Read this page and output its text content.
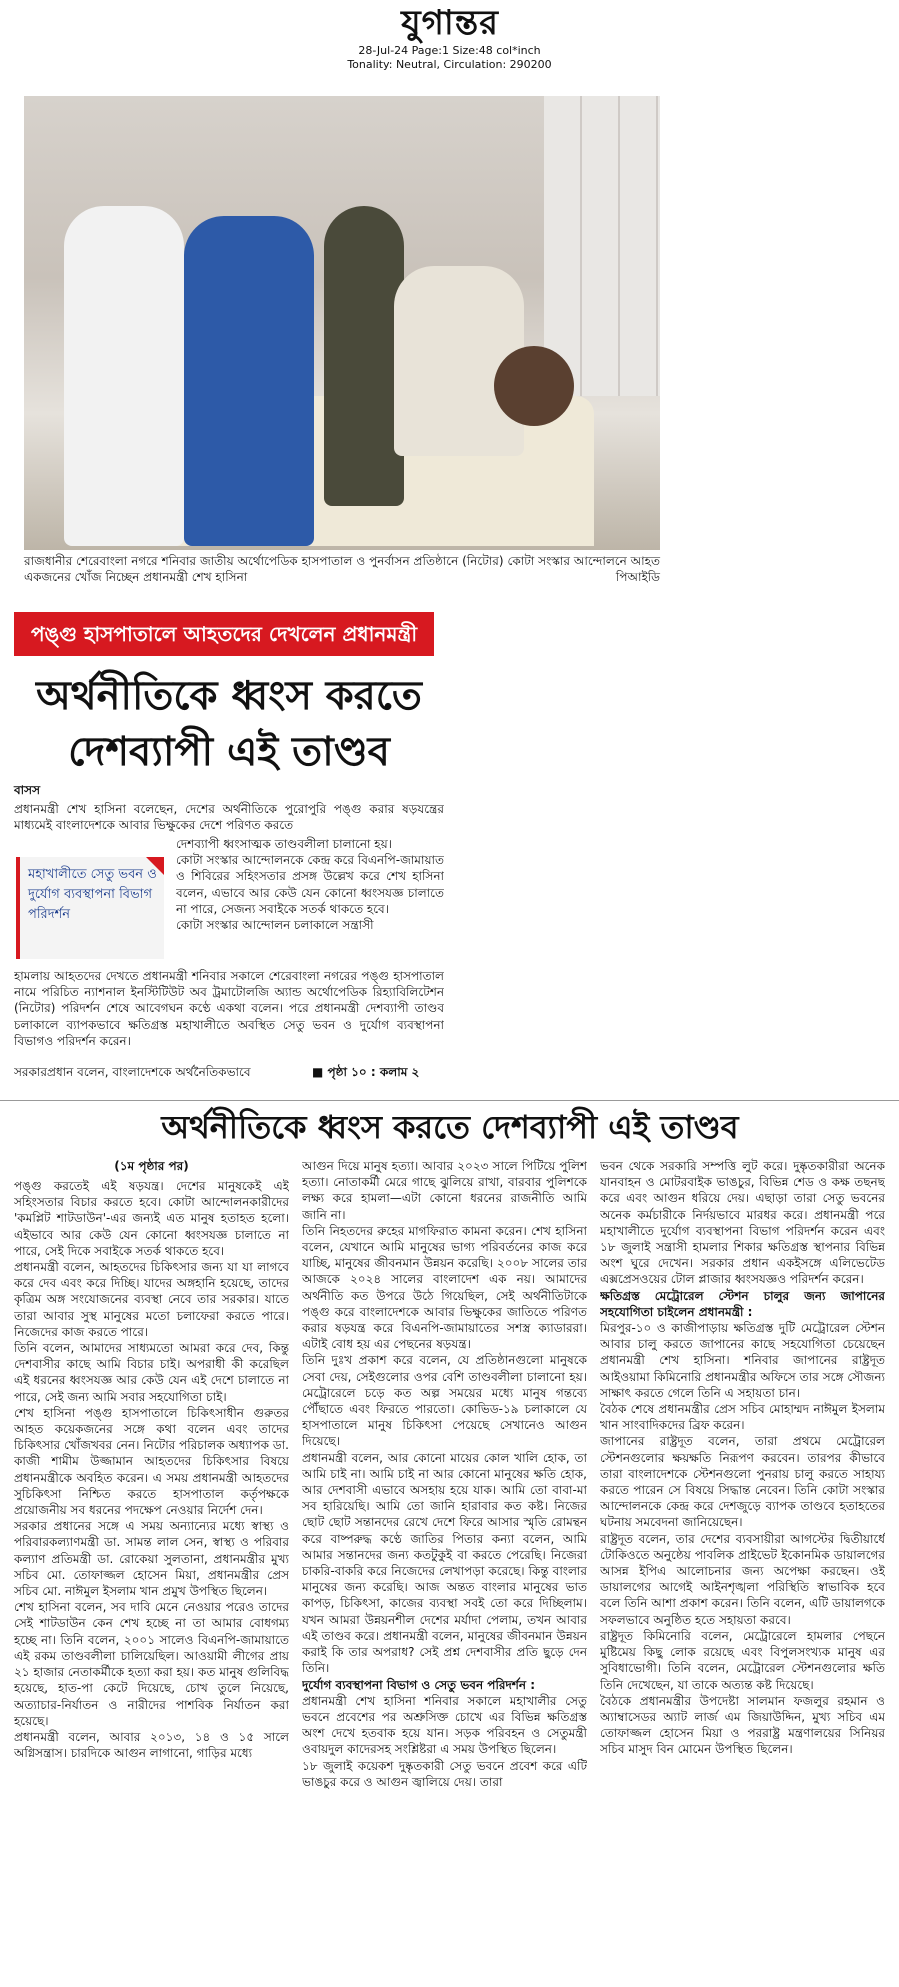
যুগান্তর
28-Jul-24 Page:1 Size:48 col*inch
Tonality: Neutral, Circulation: 290200
রাজধানীর শেরেবাংলা নগরে শনিবার জাতীয় অর্থোপেডিক হাসপাতাল ও পুনর্বাসন প্রতিষ্ঠানে (নিটোর) কোটা সংস্কার আন্দোলনে আহত একজনের খোঁজ নিচ্ছেন প্রধানমন্ত্রী শেখ হাসিনা	পিআইডি
পঙ্গু হাসপাতালে আহতদের দেখলেন প্রধানমন্ত্রী
অর্থনীতিকে ধ্বংস করতে
দেশব্যাপী এই তাণ্ডব
বাসস
প্রধানমন্ত্রী শেখ হাসিনা বলেছেন, দেশের অর্থনীতিকে পুরোপুরি পঙ্গু করার ষড়যন্ত্রের মাধ্যমেই বাংলাদেশকে আবার ভিক্ষুকের দেশে পরিণত করতে
মহাখালীতে সেতু ভবন ও দুর্যোগ ব্যবস্থাপনা বিভাগ পরিদর্শন
দেশব্যাপী ধ্বংসাত্মক তাণ্ডবলীলা চালানো হয়।
কোটা সংস্কার আন্দোলনকে কেন্দ্র করে বিএনপি-জামায়াত ও শিবিরের সহিংসতার প্রসঙ্গ উল্লেখ করে শেখ হাসিনা বলেন, এভাবে আর কেউ যেন কোনো ধ্বংসযজ্ঞ চালাতে না পারে, সেজন্য সবাইকে সতর্ক থাকতে হবে।
কোটা সংস্কার আন্দোলন চলাকালে সন্ত্রাসী
হামলায় আহতদের দেখতে প্রধানমন্ত্রী শনিবার সকালে শেরেবাংলা নগরের পঙ্গু হাসপাতাল নামে পরিচিত ন্যাশনাল ইনস্টিটিউট অব ট্রমাটোলজি অ্যান্ড অর্থোপেডিক রিহ্যাবিলিটেশন (নিটোর) পরিদর্শন শেষে আবেগঘন কণ্ঠে একথা বলেন। পরে প্রধানমন্ত্রী দেশব্যাপী তাণ্ডব চলাকালে ব্যাপকভাবে ক্ষতিগ্রস্ত মহাখালীতে অবস্থিত সেতু ভবন ও দুর্যোগ ব্যবস্থাপনা বিভাগও পরিদর্শন করেন।
সরকারপ্রধান বলেন, বাংলাদেশকে অর্থনৈতিকভাবে	■ পৃষ্ঠা ১০ : কলাম ২
অর্থনীতিকে ধ্বংস করতে দেশব্যাপী এই তাণ্ডব
(১ম পৃষ্ঠার পর)
পঙ্গু করতেই এই ষড়যন্ত্র। দেশের মানুষকেই এই সহিংসতার বিচার করতে হবে। কোটা আন্দোলনকারীদের 'কমপ্লিট শাটডাউন'-এর জন্যই এত মানুষ হতাহত হলো। এইভাবে আর কেউ যেন কোনো ধ্বংসযজ্ঞ চালাতে না পারে, সেই দিকে সবাইকে সতর্ক থাকতে হবে।
প্রধানমন্ত্রী বলেন, আহতদের চিকিৎসার জন্য যা যা লাগবে করে দেব এবং করে দিচ্ছি। যাদের অঙ্গহানি হয়েছে, তাদের কৃত্রিম অঙ্গ সংযোজনের ব্যবস্থা নেবে তার সরকার। যাতে তারা আবার সুস্থ মানুষের মতো চলাফেরা করতে পারে। নিজেদের কাজ করতে পারে।
তিনি বলেন, আমাদের সাধ্যমতো আমরা করে দেব, কিন্তু দেশবাসীর কাছে আমি বিচার চাই। অপরাধী কী করেছিল এই ধরনের ধ্বংসযজ্ঞ আর কেউ যেন এই দেশে চালাতে না পারে, সেই জন্য আমি সবার সহযোগিতা চাই।
শেখ হাসিনা পঙ্গু হাসপাতালে চিকিৎসাধীন গুরুতর আহত কয়েকজনের সঙ্গে কথা বলেন এবং তাদের চিকিৎসার খোঁজখবর নেন। নিটোর পরিচালক অধ্যাপক ডা. কাজী শামীম উজ্জামান আহতদের চিকিৎসার বিষয়ে প্রধানমন্ত্রীকে অবহিত করেন। এ সময় প্রধানমন্ত্রী আহতদের সুচিকিৎসা নিশ্চিত করতে হাসপাতাল কর্তৃপক্ষকে প্রয়োজনীয় সব ধরনের পদক্ষেপ নেওয়ার নির্দেশ দেন।
সরকার প্রধানের সঙ্গে এ সময় অন্যান্যের মধ্যে স্বাস্থ্য ও পরিবারকল্যাণমন্ত্রী ডা. সামন্ত লাল সেন, স্বাস্থ্য ও পরিবার কল্যাণ প্রতিমন্ত্রী ডা. রোকেয়া সুলতানা, প্রধানমন্ত্রীর মুখ্য সচিব মো. তোফাজ্জল হোসেন মিয়া, প্রধানমন্ত্রীর প্রেস সচিব মো. নাঈমুল ইসলাম খান প্রমুখ উপস্থিত ছিলেন।
শেখ হাসিনা বলেন, সব দাবি মেনে নেওয়ার পরেও তাদের সেই শাটডাউন কেন শেখ হচ্ছে না তা আমার বোধগম্য হচ্ছে না। তিনি বলেন, ২০০১ সালেও বিএনপি-জামায়াতে এই রকম তাণ্ডবলীলা চালিয়েছিল। আওয়ামী লীগের প্রায় ২১ হাজার নেতাকর্মীকে হত্যা করা হয়। কত মানুষ গুলিবিদ্ধ হয়েছে, হাত-পা কেটে দিয়েছে, চোখ তুলে নিয়েছে, অত্যাচার-নির্যাতন ও নারীদের পাশবিক নির্যাতন করা হয়েছে।
প্রধানমন্ত্রী বলেন, আবার ২০১৩, ১৪ ও ১৫ সালে অগ্নিসন্ত্রাস। চারদিকে আগুন লাগানো, গাড়ির মধ্যে
আগুন দিয়ে মানুষ হত্যা। আবার ২০২৩ সালে পিটিয়ে পুলিশ হত্যা। নোতাকর্মী মেরে গাছে ঝুলিয়ে রাখা, বারবার পুলিশকে লক্ষ্য করে হামলা—এটা কোনো ধরনের রাজনীতি আমি জানি না।
তিনি নিহতদের রুহের মাগফিরাত কামনা করেন। শেখ হাসিনা বলেন, যেখানে আমি মানুষের ভাগ্য পরিবর্তনের কাজ করে যাচ্ছি, মানুষের জীবনমান উন্নয়ন করেছি। ২০০৮ সালের তার আজকে ২০২৪ সালের বাংলাদেশ এক নয়। আমাদের অর্থনীতি কত উপরে উঠে গিয়েছিল, সেই অর্থনীতিটাকে পঙ্গু করে বাংলাদেশকে আবার ভিক্ষুকের জাতিতে পরিণত করার ষড়যন্ত্র করে বিএনপি-জামায়াতের সশস্ত্র ক্যাডাররা। এটাই বোধ হয় এর পেছনের ষড়যন্ত্র।
তিনি দুঃখ প্রকাশ করে বলেন, যে প্রতিষ্ঠানগুলো মানুষকে সেবা দেয়, সেইগুলোর ওপর বেশি তাণ্ডবলীলা চালানো হয়। মেট্রোরেলে চড়ে কত অল্প সময়ের মধ্যে মানুষ গন্তব্যে পৌঁছাতে এবং ফিরতে পারতো। কোভিড-১৯ চলাকালে যে হাসপাতালে মানুষ চিকিৎসা পেয়েছে সেখানেও আগুন দিয়েছে।
প্রধানমন্ত্রী বলেন, আর কোনো মায়ের কোল খালি হোক, তা আমি চাই না। আমি চাই না আর কোনো মানুষের ক্ষতি হোক, আর দেশবাসী এভাবে অসহায় হয়ে যাক। আমি তো বাবা-মা সব হারিয়েছি। আমি তো জানি হারাবার কত কষ্ট। নিজের ছোট ছোট সন্তানদের রেখে দেশে ফিরে আসার স্মৃতি রোমন্থন করে বাষ্পরুদ্ধ কণ্ঠে জাতির পিতার কন্যা বলেন, আমি আমার সন্তানদের জন্য কতটুকুই বা করতে পেরেছি। নিজেরা চাকরি-বাকরি করে নিজেদের লেখাপড়া করেছে। কিন্তু বাংলার মানুষের জন্য করেছি। আজ অন্তত বাংলার মানুষের ভাত কাপড়, চিকিৎসা, কাজের ব্যবস্থা সবই তো করে দিচ্ছিলাম। যখন আমরা উন্নয়নশীল দেশের মর্যাদা পেলাম, তখন আবার এই তাণ্ডব করে। প্রধানমন্ত্রী বলেন, মানুষের জীবনমান উন্নয়ন করাই কি তার অপরাধ? সেই প্রশ্ন দেশবাসীর প্রতি ছুড়ে দেন তিনি।
দুর্যোগ ব্যবস্থাপনা বিভাগ ও সেতু ভবন পরিদর্শন :
প্রধানমন্ত্রী শেখ হাসিনা শনিবার সকালে মহাখালীর সেতু ভবনে প্রবেশের পর অশ্রুসিক্ত চোখে এর বিভিন্ন ক্ষতিগ্রস্ত অংশ দেখে হতবাক হয়ে যান। সড়ক পরিবহন ও সেতুমন্ত্রী ওবায়দুল কাদেরসহ সংশ্লিষ্টরা এ সময় উপস্থিত ছিলেন।
১৮ জুলাই কয়েকশ দুষ্কৃতকারী সেতু ভবনে প্রবেশ করে এটি ভাঙচুর করে ও আগুন জ্বালিয়ে দেয়। তারা
ভবন থেকে সরকারি সম্পত্তি লুট করে। দুষ্কৃতকারীরা অনেক যানবাহন ও মোটরবাইক ভাঙচুর, বিভিন্ন শেড ও কক্ষ তছনছ করে এবং আগুন ধরিয়ে দেয়। এছাড়া তারা সেতু ভবনের অনেক কর্মচারীকে নির্দয়ভাবে মারধর করে। প্রধানমন্ত্রী পরে মহাখালীতে দুর্যোগ ব্যবস্থাপনা বিভাগ পরিদর্শন করেন এবং ১৮ জুলাই সন্ত্রাসী হামলার শিকার ক্ষতিগ্রস্ত স্থাপনার বিভিন্ন অংশ ঘুরে দেখেন। সরকার প্রধান একইসঙ্গে এলিভেটেড এক্সপ্রেসওয়ের টোল প্লাজার ধ্বংসযজ্ঞও পরিদর্শন করেন।
ক্ষতিগ্রস্ত মেট্রোরেল স্টেশন চালুর জন্য জাপানের সহযোগিতা চাইলেন প্রধানমন্ত্রী :
মিরপুর-১০ ও কাজীপাড়ায় ক্ষতিগ্রস্ত দুটি মেট্রোরেল স্টেশন আবার চালু করতে জাপানের কাছে সহযোগিতা চেয়েছেন প্রধানমন্ত্রী শেখ হাসিনা। শনিবার জাপানের রাষ্ট্রদূত আইওয়ামা কিমিনোরি প্রধানমন্ত্রীর অফিসে তার সঙ্গে সৌজন্য সাক্ষাৎ করতে গেলে তিনি এ সহায়তা চান।
বৈঠক শেষে প্রধানমন্ত্রীর প্রেস সচিব মোহাম্মদ নাঈমুল ইসলাম খান সাংবাদিকদের ব্রিফ করেন।
জাপানের রাষ্ট্রদূত বলেন, তারা প্রথমে মেট্রোরেল স্টেশনগুলোর ক্ষয়ক্ষতি নিরূপণ করবেন। তারপর কীভাবে তারা বাংলাদেশকে স্টেশনগুলো পুনরায় চালু করতে সাহায্য করতে পারেন সে বিষয়ে সিদ্ধান্ত নেবেন। তিনি কোটা সংস্কার আন্দোলনকে কেন্দ্র করে দেশজুড়ে ব্যাপক তাণ্ডবে হতাহতের ঘটনায় সমবেদনা জানিয়েছেন।
রাষ্ট্রদূত বলেন, তার দেশের ব্যবসায়ীরা আগস্টের দ্বিতীয়ার্ধে টোকিওতে অনুষ্ঠেয় পাবলিক প্রাইভেট ইকোনমিক ডায়ালগের আসন্ন ইপিএ আলোচনার জন্য অপেক্ষা করছেন। ওই ডায়ালগের আগেই আইনশৃঙ্খলা পরিস্থিতি স্বাভাবিক হবে বলে তিনি আশা প্রকাশ করেন। তিনি বলেন, এটি ডায়ালগকে সফলভাবে অনুষ্ঠিত হতে সহায়তা করবে।
রাষ্ট্রদূত কিমিনোরি বলেন, মেট্রোরেলে হামলার পেছনে মুষ্টিমেয় কিছু লোক রয়েছে এবং বিপুলসংখ্যক মানুষ এর সুবিধাভোগী। তিনি বলেন, মেট্রোরেল স্টেশনগুলোর ক্ষতি তিনি দেখেছেন, যা তাকে অত্যন্ত কষ্ট দিয়েছে।
বৈঠকে প্রধানমন্ত্রীর উপদেষ্টা সালমান ফজলুর রহমান ও অ্যাম্বাসেডর অ্যাট লার্জ এম জিয়াউদ্দিন, মুখ্য সচিব এম তোফাজ্জল হোসেন মিয়া ও পররাষ্ট্র মন্ত্রণালয়ের সিনিয়র সচিব মাসুদ বিন মোমেন উপস্থিত ছিলেন।
